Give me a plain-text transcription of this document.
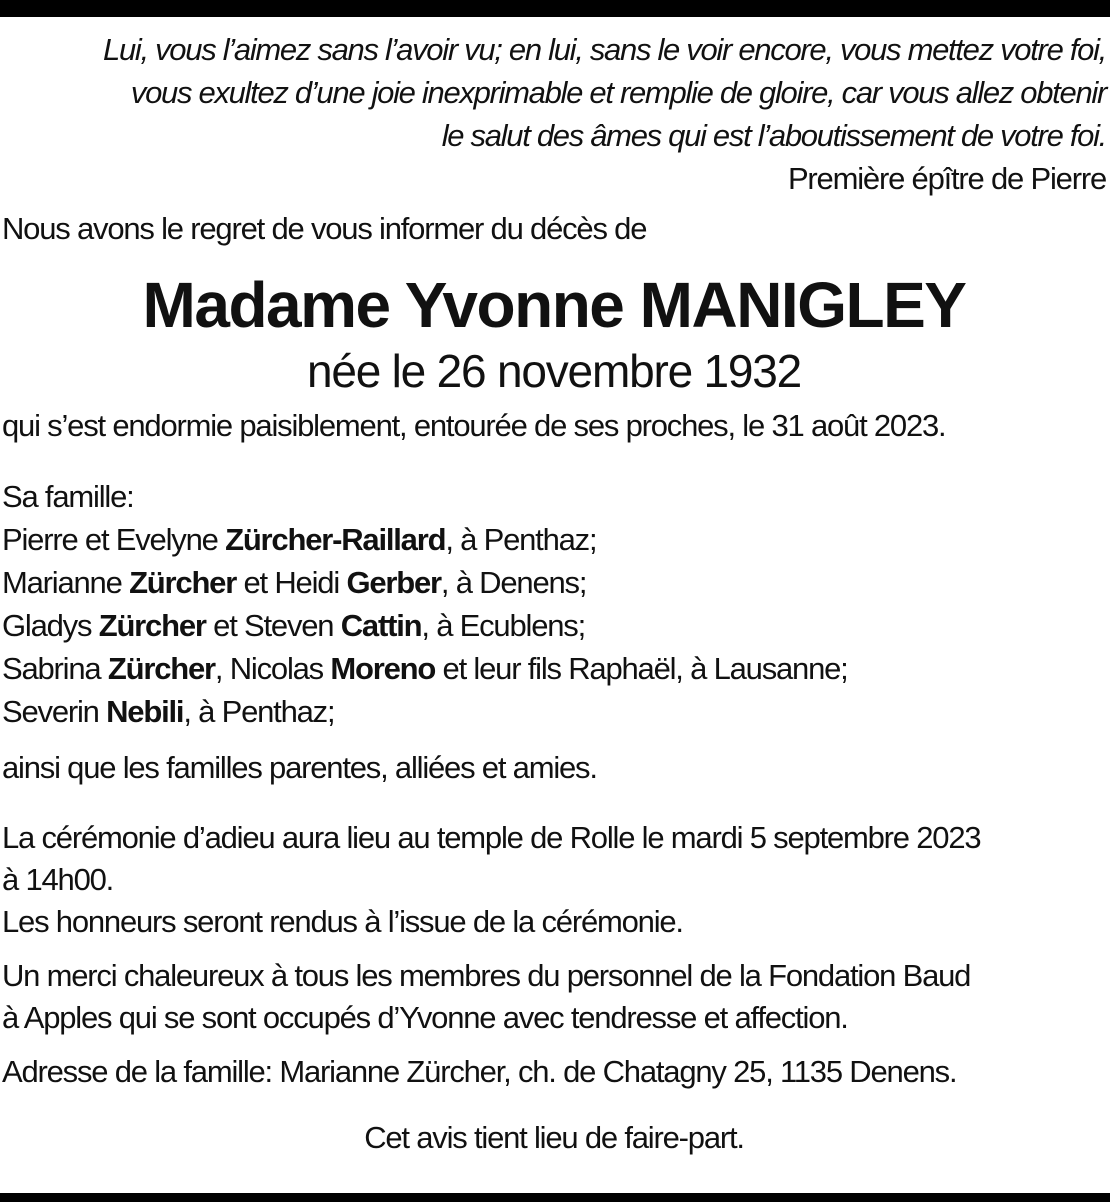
Lui, vous l’aimez sans l’avoir vu; en lui, sans le voir encore, vous mettez votre foi,
vous exultez d’une joie inexprimable et remplie de gloire, car vous allez obtenir
le salut des âmes qui est l’aboutissement de votre foi.
Première épître de Pierre
Nous avons le regret de vous informer du décès de
Madame Yvonne MANIGLEY
née le 26 novembre 1932
qui s’est endormie paisiblement, entourée de ses proches, le 31 août 2023.
Sa famille:
Pierre et Evelyne Zürcher-Raillard, à Penthaz;
Marianne Zürcher et Heidi Gerber, à Denens;
Gladys Zürcher et Steven Cattin, à Ecublens;
Sabrina Zürcher, Nicolas Moreno et leur fils Raphaël, à Lausanne;
Severin Nebili, à Penthaz;
ainsi que les familles parentes, alliées et amies.
La cérémonie d’adieu aura lieu au temple de Rolle le mardi 5 septembre 2023
à 14h00.
Les honneurs seront rendus à l’issue de la cérémonie.
Un merci chaleureux à tous les membres du personnel de la Fondation Baud
à Apples qui se sont occupés d’Yvonne avec tendresse et affection.
Adresse de la famille: Marianne Zürcher, ch. de Chatagny 25, 1135 Denens.
Cet avis tient lieu de faire-part.
